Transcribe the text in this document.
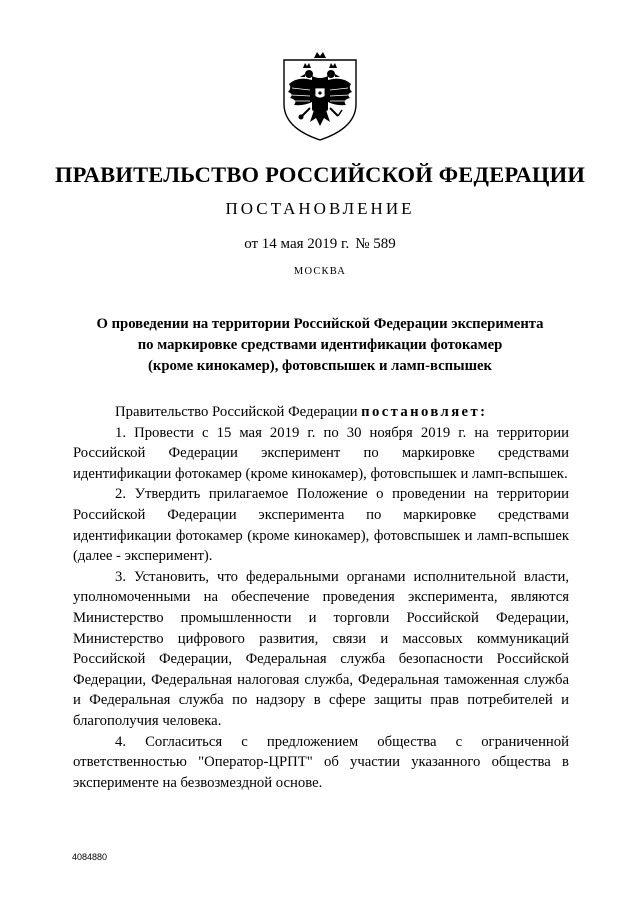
ПРАВИТЕЛЬСТВО РОССИЙСКОЙ ФЕДЕРАЦИИ
ПОСТАНОВЛЕНИЕ
от 14 мая 2019 г. № 589
МОСКВА
О проведении на территории Российской Федерации эксперимента
по маркировке средствами идентификации фотокамер
(кроме кинокамер), фотовспышек и ламп-вспышек

Правительство Российской Федерации постановляет:

1. Провести с 15 мая 2019 г. по 30 ноября 2019 г. на территории Российской Федерации эксперимент по маркировке средствами идентификации фотокамер (кроме кинокамер), фотовспышек и ламп-вспышек.

2. Утвердить прилагаемое Положение о проведении на территории Российской Федерации эксперимента по маркировке средствами идентификации фотокамер (кроме кинокамер), фотовспышек и ламп-вспышек (далее - эксперимент).

3. Установить, что федеральными органами исполнительной власти, уполномоченными на обеспечение проведения эксперимента, являются Министерство промышленности и торговли Российской Федерации, Министерство цифрового развития, связи и массовых коммуникаций Российской Федерации, Федеральная служба безопасности Российской Федерации, Федеральная налоговая служба, Федеральная таможенная служба и Федеральная служба по надзору в сфере защиты прав потребителей и благополучия человека.

4. Согласиться с предложением общества с ограниченной ответственностью "Оператор-ЦРПТ" об участии указанного общества в эксперименте на безвозмездной основе.

4084880
